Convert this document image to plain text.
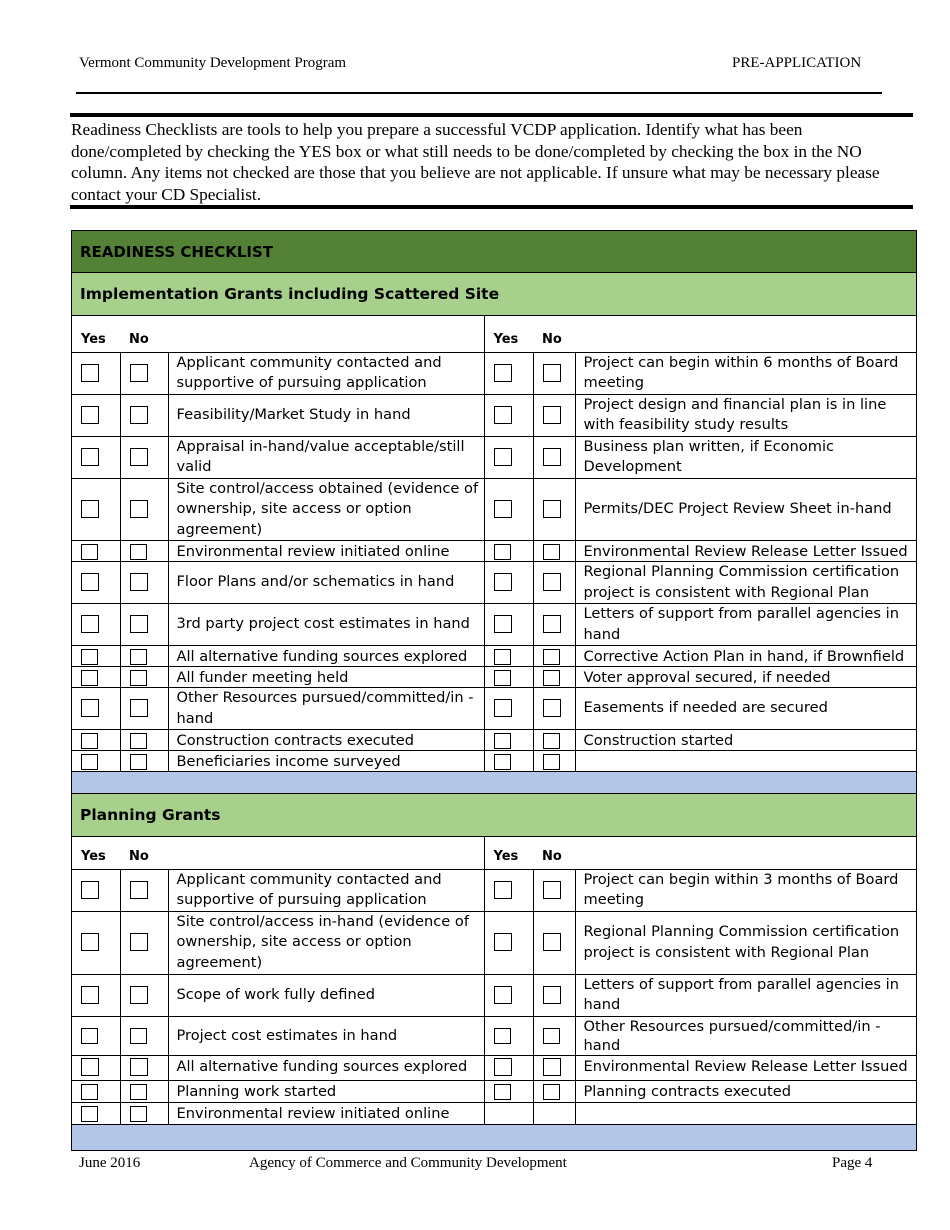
Vermont Community Development Program	PRE-APPLICATION

Readiness Checklists are tools to help you prepare a successful VCDP application. Identify what has been done/completed by checking the YES box or what still needs to be done/completed by checking the box in the NO column. Any items not checked are those that you believe are not applicable. If unsure what may be necessary please contact your CD Specialist.

READINESS CHECKLIST
Implementation Grants including Scattered Site
Yes	No		Yes	No	
		Applicant community contacted and supportive of pursuing application			Project can begin within 6 months of Board meeting
		Feasibility/Market Study in hand			Project design and financial plan is in line with feasibility study results
		Appraisal in-hand/value acceptable/still valid			Business plan written, if Economic Development
		Site control/access obtained (evidence of ownership, site access or option agreement)			Permits/DEC Project Review Sheet in-hand
		Environmental review initiated online			Environmental Review Release Letter Issued
		Floor Plans and/or schematics in hand			Regional Planning Commission certification project is consistent with Regional Plan
		3rd party project cost estimates in hand			Letters of support from parallel agencies in hand
		All alternative funding sources explored			Corrective Action Plan in hand, if Brownfield
		All funder meeting held			Voter approval secured, if needed
		Other Resources pursued/committed/in - hand			Easements if needed are secured
		Construction contracts executed			Construction started
		Beneficiaries income surveyed			
Planning Grants
Yes	No		Yes	No	
		Applicant community contacted and supportive of pursuing application			Project can begin within 3 months of Board meeting
		Site control/access in-hand (evidence of ownership, site access or option agreement)			Regional Planning Commission certification project is consistent with Regional Plan
		Scope of work fully defined			Letters of support from parallel agencies in hand
		Project cost estimates in hand			Other Resources pursued/committed/in -hand
		All alternative funding sources explored			Environmental Review Release Letter Issued
		Planning work started			Planning contracts executed
		Environmental review initiated online			
June 2016	Agency of Commerce and Community Development	Page 4
